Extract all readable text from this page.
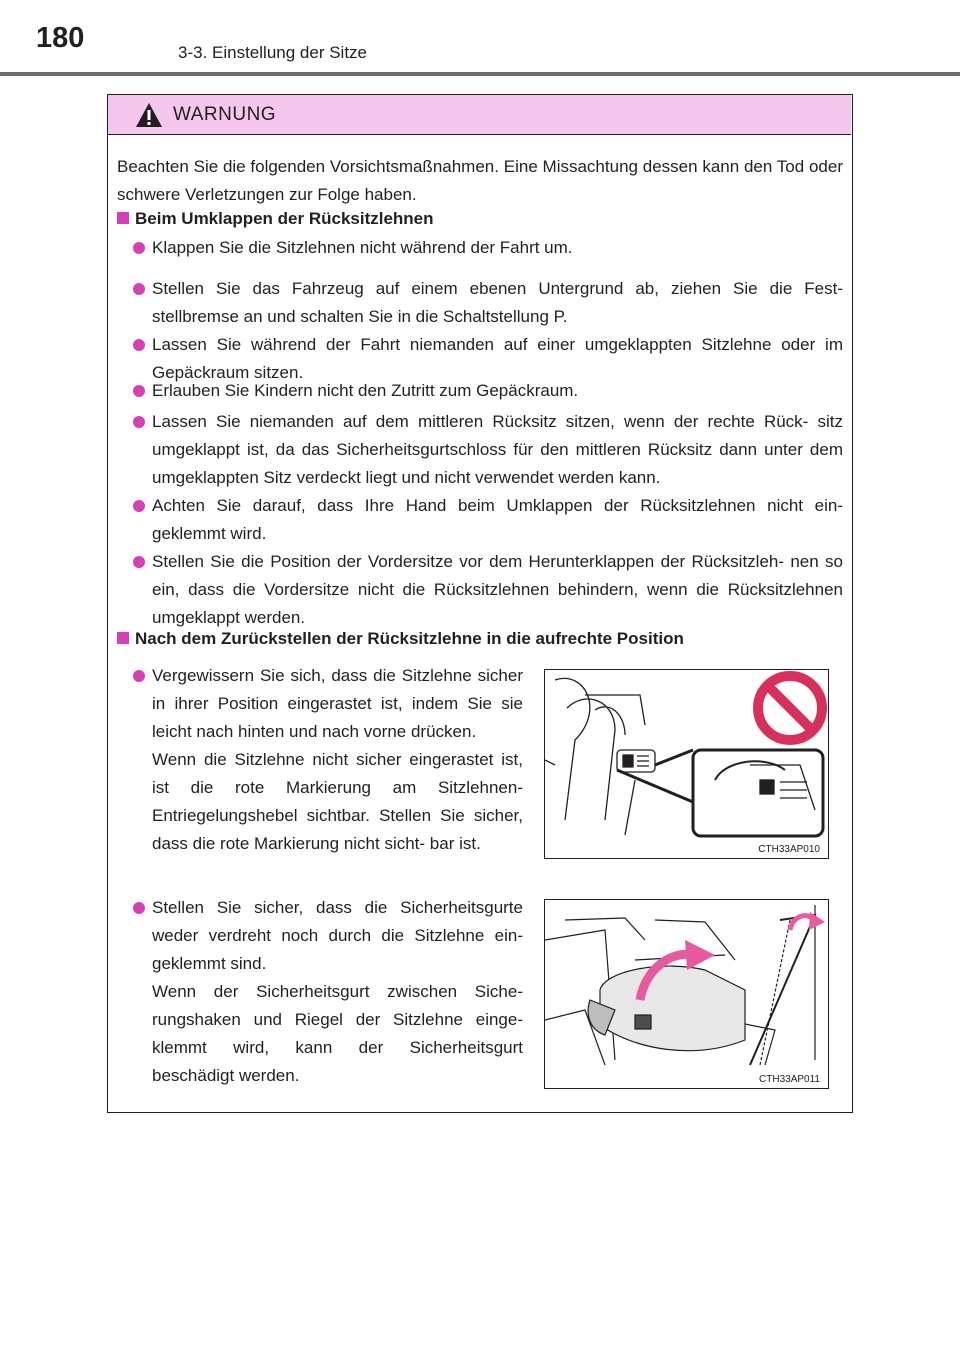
180	3-3. Einstellung der Sitze
WARNUNG
Beachten Sie die folgenden Vorsichtsmaßnahmen. Eine Missachtung dessen kann den Tod oder schwere Verletzungen zur Folge haben.
Beim Umklappen der Rücksitzlehnen
Klappen Sie die Sitzlehnen nicht während der Fahrt um.
Stellen Sie das Fahrzeug auf einem ebenen Untergrund ab, ziehen Sie die Fest- stellbremse an und schalten Sie in die Schaltstellung P.
Lassen Sie während der Fahrt niemanden auf einer umgeklappten Sitzlehne oder im Gepäckraum sitzen.
Erlauben Sie Kindern nicht den Zutritt zum Gepäckraum.
Lassen Sie niemanden auf dem mittleren Rücksitz sitzen, wenn der rechte Rück- sitz umgeklappt ist, da das Sicherheitsgurtschloss für den mittleren Rücksitz dann unter dem umgeklappten Sitz verdeckt liegt und nicht verwendet werden kann.
Achten Sie darauf, dass Ihre Hand beim Umklappen der Rücksitzlehnen nicht ein- geklemmt wird.
Stellen Sie die Position der Vordersitze vor dem Herunterklappen der Rücksitzleh- nen so ein, dass die Vordersitze nicht die Rücksitzlehnen behindern, wenn die Rücksitzlehnen umgeklappt werden.
Nach dem Zurückstellen der Rücksitzlehne in die aufrechte Position
Vergewissern Sie sich, dass die Sitzlehne sicher in ihrer Position eingerastet ist, indem Sie sie leicht nach hinten und nach vorne drücken.
Wenn die Sitzlehne nicht sicher eingerastet ist, ist die rote Markierung am Sitzlehnen- Entriegelungshebel sichtbar. Stellen Sie sicher, dass die rote Markierung nicht sicht- bar ist.
Stellen Sie sicher, dass die Sicherheitsgurte weder verdreht noch durch die Sitzlehne ein- geklemmt sind.
Wenn der Sicherheitsgurt zwischen Siche- rungshaken und Riegel der Sitzlehne einge- klemmt wird, kann der Sicherheitsgurt beschädigt werden.
CTH33AP010
CTH33AP011
